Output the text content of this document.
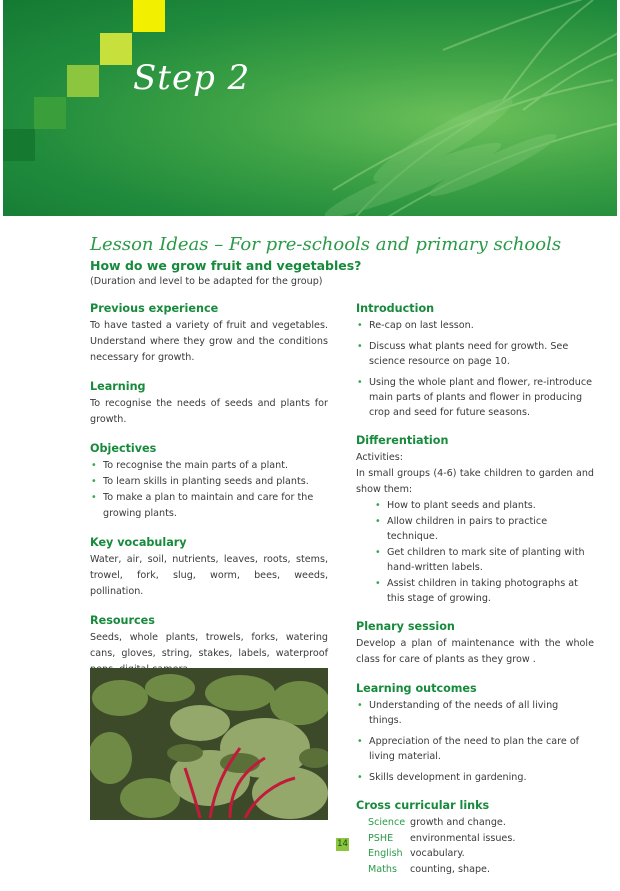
Step 2
Lesson Ideas – For pre-schools and primary schools
How do we grow fruit and vegetables?
(Duration and level to be adapted for the group)
Previous experience

To have tasted a variety of fruit and vegetables. Understand where they grow and the conditions necessary for growth.

Learning

To recognise the needs of seeds and plants for growth.

Objectives
• To recognise the main parts of a plant.
• To learn skills in planting seeds and plants.
• To make a plan to maintain and care for the growing plants.
Key vocabulary

Water, air, soil, nutrients, leaves, roots, stems, trowel, fork, slug, worm, bees, weeds, pollination.

Resources

Seeds, whole plants, trowels, forks, watering cans, gloves, string, stakes, labels, waterproof

Introduction
• Re-cap on last lesson.
• Discuss what plants need for growth. See science resource on page 10.
• Using the whole plant and flower, re-introduce main parts of plants and flower in producing crop and seed for future seasons.
Differentiation

Activities:

In small groups (4-6) take children to garden and show them:

• How to plant seeds and plants.
• Allow children in pairs to practice technique.
• Get children to mark site of planting with hand-written labels.
• Assist children in taking photographs at this stage of growing.
Plenary session

Develop a plan of maintenance with the whole class for care of plants as they grow .

Learning outcomes
• Understanding of the needs of all living things.
• Appreciation of the need to plan the care of living material.
• Skills development in gardening.
Cross curricular links
Science	growth and change.
PSHE	environmental issues.
English	vocabulary.
Maths	counting, shape.
14
